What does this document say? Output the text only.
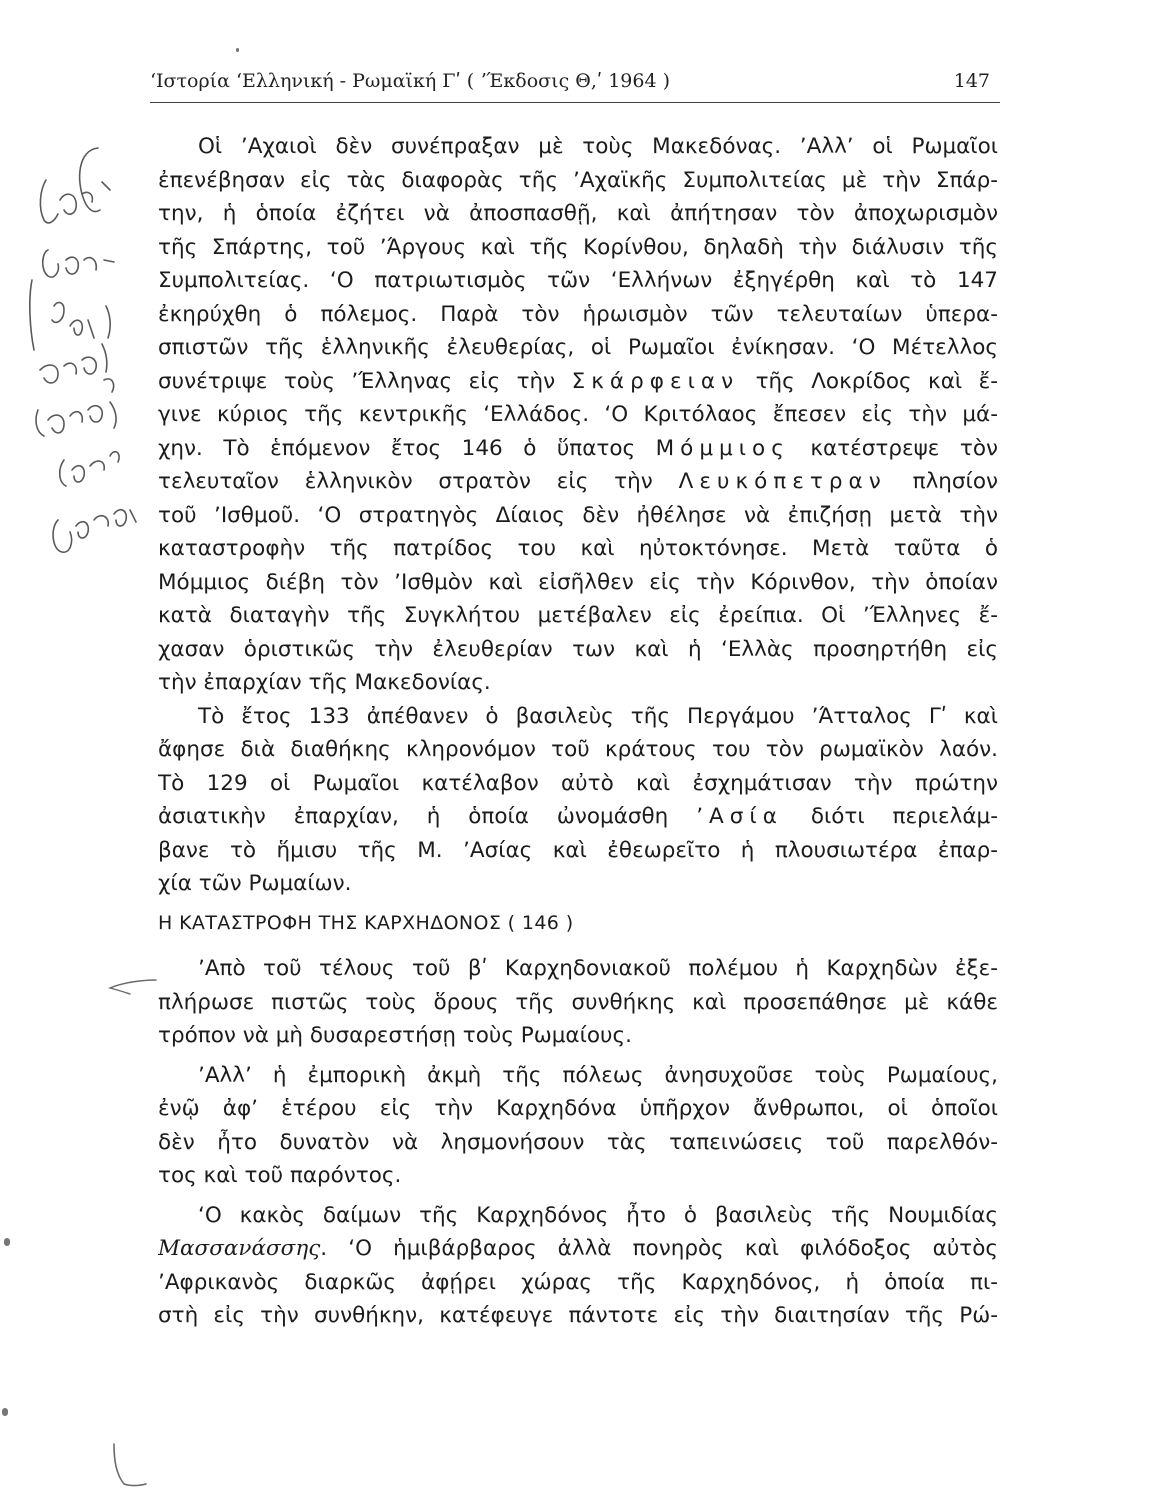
ʻΙστορία ʻΕλληνική - Ρωμαϊκή Γʹ ( ʼΈκδοσις Θ,ʹ 1964 )	147
Οἱ ʼΑχαιοὶ δὲν συνέπραξαν μὲ τοὺς Μακεδόνας. ʼΑλλʼ οἱ Ρωμαῖοι
ἐπενέβησαν εἰς τὰς διαφορὰς τῆς ʼΑχαϊκῆς Συμπολιτείας μὲ τὴν Σπάρ-
την, ἡ ὁποία ἐζήτει νὰ ἀποσπασθῇ, καὶ ἀπήτησαν τὸν ἀποχωρισμὸν
τῆς Σπάρτης, τοῦ ʼΆργους καὶ τῆς Κορίνθου, δηλαδὴ τὴν διάλυσιν τῆς
Συμπολιτείας. ʻΟ πατριωτισμὸς τῶν ʻΕλλήνων ἐξηγέρθη καὶ τὸ 147
ἐκηρύχθη ὁ πόλεμος. Παρὰ τὸν ἡρωισμὸν τῶν τελευταίων ὑπερα-
σπιστῶν τῆς ἑλληνικῆς ἐλευθερίας, οἱ Ρωμαῖοι ἐνίκησαν. ʻΟ Μέτελλος
συνέτριψε τοὺς ʼΈλληνας εἰς τὴν Σκάρφειαν τῆς Λοκρίδος καὶ ἔ-
γινε κύριος τῆς κεντρικῆς ʻΕλλάδος. ʻΟ Κριτόλαος ἔπεσεν εἰς τὴν μά-
χην. Τὸ ἑπόμενον ἔτος 146 ὁ ὕπατος Μόμμιος κατέστρεψε τὸν
τελευταῖον ἑλληνικὸν στρατὸν εἰς τὴν Λευκόπετραν πλησίον
τοῦ ʼΙσθμοῦ. ʻΟ στρατηγὸς Δίαιος δὲν ἠθέλησε νὰ ἐπιζήσῃ μετὰ τὴν
καταστροφὴν τῆς πατρίδος του καὶ ηὐτοκτόνησε. Μετὰ ταῦτα ὁ
Μόμμιος διέβη τὸν ʼΙσθμὸν καὶ εἰσῆλθεν εἰς τὴν Κόρινθον, τὴν ὁποίαν
κατὰ διαταγὴν τῆς Συγκλήτου μετέβαλεν εἰς ἐρείπια. Οἱ ʼΈλληνες ἔ-
χασαν ὁριστικῶς τὴν ἐλευθερίαν των καὶ ἡ ʻΕλλὰς προσηρτήθη εἰς
τὴν ἐπαρχίαν τῆς Μακεδονίας.
Τὸ ἔτος 133 ἀπέθανεν ὁ βασιλεὺς τῆς Περγάμου ʼΆτταλος Γʹ καὶ
ἄφησε διὰ διαθήκης κληρονόμον τοῦ κράτους του τὸν ρωμαϊκὸν λαόν.
Τὸ 129 οἱ Ρωμαῖοι κατέλαβον αὐτὸ καὶ ἐσχημάτισαν τὴν πρώτην
ἀσιατικὴν ἐπαρχίαν, ἡ ὁποία ὠνομάσθη ʼΑσία διότι περιελάμ-
βανε τὸ ἥμισυ τῆς Μ. ʼΑσίας καὶ ἐθεωρεῖτο ἡ πλουσιωτέρα ἐπαρ-
χία τῶν Ρωμαίων.
Η ΚΑΤΑΣΤΡΟΦΗ ΤΗΣ ΚΑΡΧΗΔΟΝΟΣ ( 146 )
ʼΑπὸ τοῦ τέλους τοῦ βʹ Καρχηδονιακοῦ πολέμου ἡ Καρχηδὼν ἐξε-
πλήρωσε πιστῶς τοὺς ὅρους τῆς συνθήκης καὶ προσεπάθησε μὲ κάθε
τρόπον νὰ μὴ δυσαρεστήσῃ τοὺς Ρωμαίους.
ʼΑλλʼ ἡ ἐμπορικὴ ἀκμὴ τῆς πόλεως ἀνησυχοῦσε τοὺς Ρωμαίους,
ἐνῷ ἀφʼ ἑτέρου εἰς τὴν Καρχηδόνα ὑπῆρχον ἄνθρωποι, οἱ ὁποῖοι
δὲν ἦτο δυνατὸν νὰ λησμονήσουν τὰς ταπεινώσεις τοῦ παρελθόν-
τος καὶ τοῦ παρόντος.
ʻΟ κακὸς δαίμων τῆς Καρχηδόνος ἦτο ὁ βασιλεὺς τῆς Νουμιδίας
Μασσανάσσης. ʻΟ ἡμιβάρβαρος ἀλλὰ πονηρὸς καὶ φιλόδοξος αὐτὸς
ʼΑφρικανὸς διαρκῶς ἀφῄρει χώρας τῆς Καρχηδόνος, ἡ ὁποία πι-
στὴ εἰς τὴν συνθήκην, κατέφευγε πάντοτε εἰς τὴν διαιτησίαν τῆς Ρώ-
